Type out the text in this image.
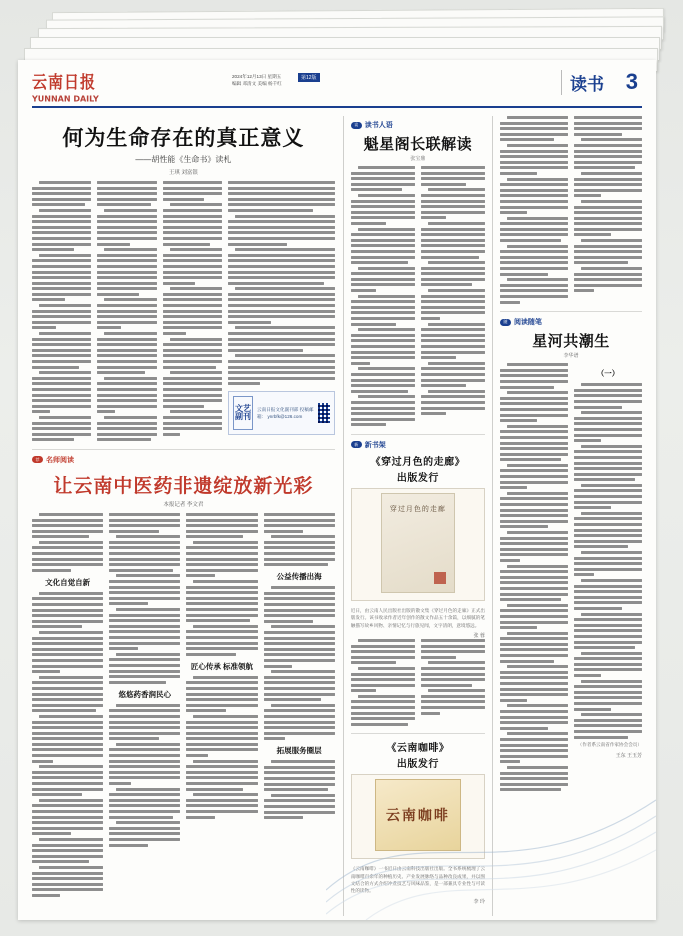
云南日报
YUNNAN DAILY
2024年12月13日 星期五
编辑 邓清文 美编 杨千红
第12版	读书 3
何为生命存在的真正意义
——胡性能《生命书》读札
王琪 刘富银
文艺 副刊
云南日报文化副刊部 投稿邮箱： ynrbfk@126.com
荐 名师阅读
让云南中医药非遗绽放新光彩
本报记者 李文君
文化自觉自新
悠悠药香润民心
匠心传承 标准领航
公益传播出海
拓展服务圈层
谈 读书人语
魁星阁长联解读
张宝鼎
新 新书架
《穿过月色的走廊》
出版发行
穿过月色的走廊
近日，由云南人民出版社出版的散文集《穿过月色的走廊》正式出版发行。该书收录作者近年创作的散文作品五十余篇，以细腻的笔触描写故乡风物、亲情记忆与行旅见闻，文字清朗，意境悠远。
张 蓉
《云南咖啡》
出版发行
云南咖啡
《云南咖啡》一书近日由云南科技出版社出版。全书系统梳理了云南咖啡百余年的种植历史、产业发展脉络与品种改良成果，并以图文结合的方式介绍冲煮技艺与风味品鉴，是一部兼具专业性与可读性的读物。
李 玲
随 阅读随笔
星河共潮生
李华谱
（一）
（作者系云南省作家协会会员）
王东 王玉芳
